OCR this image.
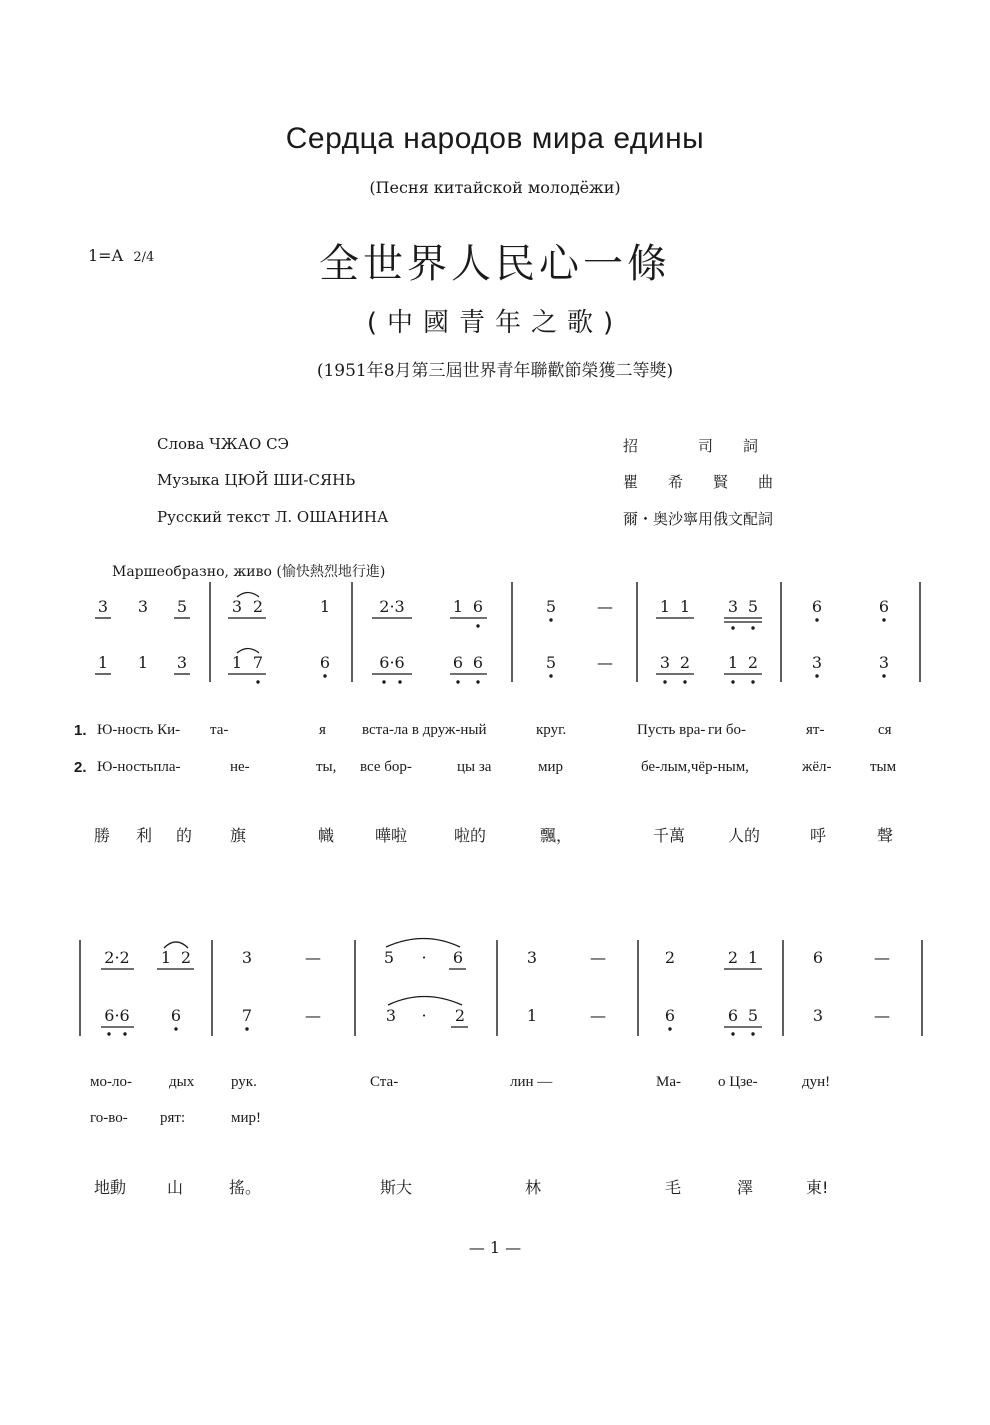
Сердца народов мира едины
(Песня китайской молодёжи)
1=A 2/4	全世界人民心一條
(中國青年之歌)
(1951年8月第三屆世界青年聯歡節榮獲二等獎)
Слова ЧЖАО СЭ	招　　　　司　　詞
Музыка ЦЮЙ ШИ-СЯНЬ	瞿　　希　　賢　　曲
Русский текст Л. ОШАНИНА	爾・奥沙寧用俄文配詞
Маршеобразно, живо (愉快熱烈地行進)
3 3 5	3 2	1	2·3	1 6	5	—	1 1 3 5	6	6
1 1 3	1 7	6	6·6	6 6	5	—	3 2 1 2	3	3
2·2 1 2	3	—	5 · 6	3	—	2	2 1	6	—
6·6	6	7	—	3 · 2	1	—	6	6 5	3	—
1. Ю-ность Ки- та-	я вста-ла в друж-ный	круг.	Пусть вра- ги бо-	ят-	ся
2. Ю-ностьпла-	не-	ты, все бор-	цы за	мир	бе-лым,чёр-ным,	жёл-	тым
勝 利 的 旗	幟	嘩啦	啦的	飄，	千萬	人的	呼	聲
мо-ло- дых рук.	Ста-	лин —	Ма- о Цзе-	дун!
го-во- рят:	мир!
地動	山	搖。	斯大	林	毛	澤	東!
— 1 —
